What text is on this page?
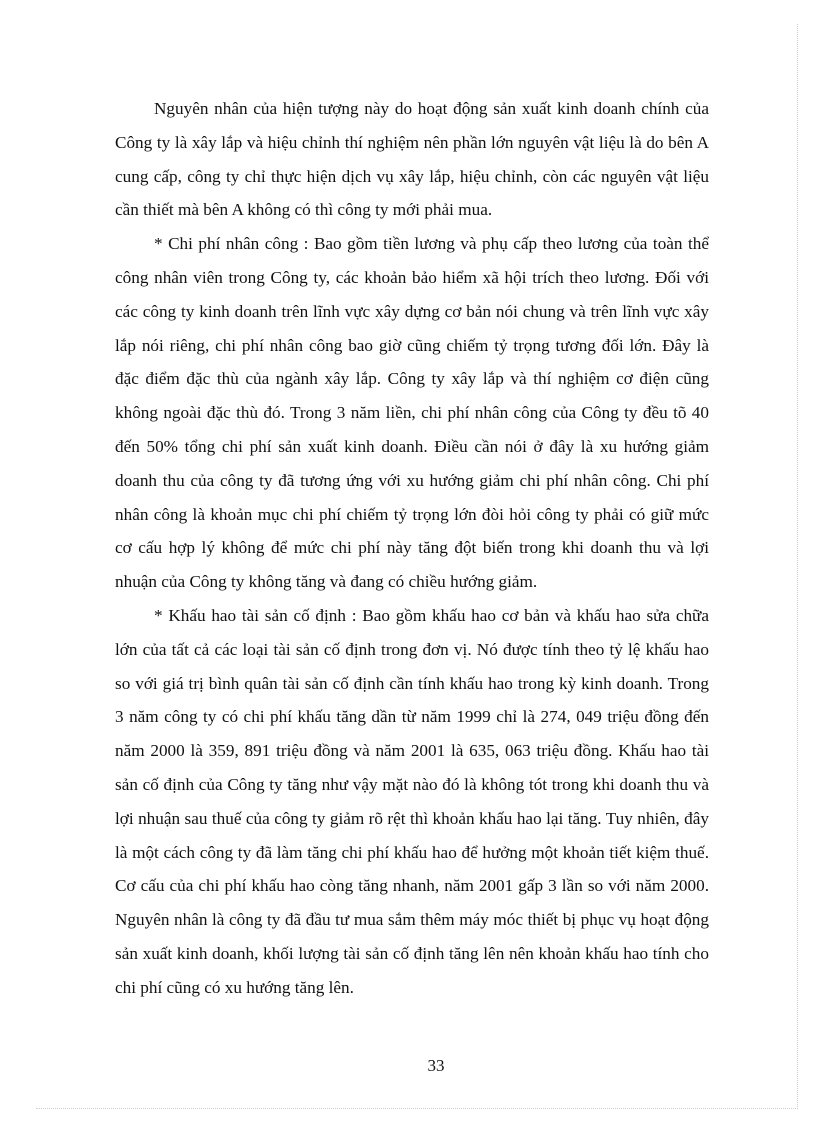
Nguyên nhân của hiện tượng này do hoạt động sản xuất kinh doanh chính của Công ty là xây lắp và hiệu chỉnh thí nghiệm nên phần lớn nguyên vật liệu là do bên A cung cấp, công ty chỉ thực hiện dịch vụ xây lắp, hiệu chỉnh, còn các nguyên vật liệu cần thiết mà bên A không có thì công ty mới phải mua.

* Chi phí nhân công : Bao gồm tiền lương và phụ cấp theo lương của toàn thể công nhân viên trong Công ty, các khoản bảo hiểm xã hội trích theo lương. Đối với các công ty kinh doanh trên lĩnh vực xây dựng cơ bản nói chung và trên lĩnh vực xây lắp nói riêng, chi phí nhân công bao giờ cũng chiếm tỷ trọng tương đối lớn. Đây là đặc điểm đặc thù của ngành xây lắp. Công ty xây lắp và thí nghiệm cơ điện cũng không ngoài đặc thù đó. Trong 3 năm liền, chi phí nhân công của Công ty đều tõ 40 đến 50% tổng chi phí sản xuất kinh doanh. Điều cần nói ở đây là xu hướng giảm doanh thu của công ty đã tương ứng với xu hướng giảm chi phí nhân công. Chi phí nhân công là khoản mục chi phí chiếm tỷ trọng lớn đòi hỏi công ty phải có giữ mức cơ cấu hợp lý không để mức chi phí này tăng đột biến trong khi doanh thu và lợi nhuận của Công ty không tăng và đang có chiều hướng giảm.

* Khấu hao tài sản cố định : Bao gồm khấu hao cơ bản và khấu hao sửa chữa lớn của tất cả các loại tài sản cố định trong đơn vị. Nó được tính theo tỷ lệ khấu hao so với giá trị bình quân tài sản cố định cần tính khấu hao trong kỳ kinh doanh. Trong 3 năm công ty có chi phí khấu tăng dần từ năm 1999 chỉ là 274, 049 triệu đồng đến năm 2000 là 359, 891 triệu đồng và năm 2001 là 635, 063 triệu đồng. Khấu hao tài sản cố định của Công ty tăng như vậy mặt nào đó là không tót trong khi doanh thu và lợi nhuận sau thuế của công ty giảm rõ rệt thì khoản khấu hao lại tăng. Tuy nhiên, đây là một cách công ty đã làm tăng chi phí khấu hao để hưởng một khoản tiết kiệm thuế. Cơ cấu của chi phí khấu hao còng tăng nhanh, năm 2001 gấp 3 lần so với năm 2000. Nguyên nhân là công ty đã đầu tư mua sắm thêm máy móc thiết bị phục vụ hoạt động sản xuất kinh doanh, khối lượng tài sản cố định tăng lên nên khoản khấu hao tính cho chi phí cũng có xu hướng tăng lên.

33
